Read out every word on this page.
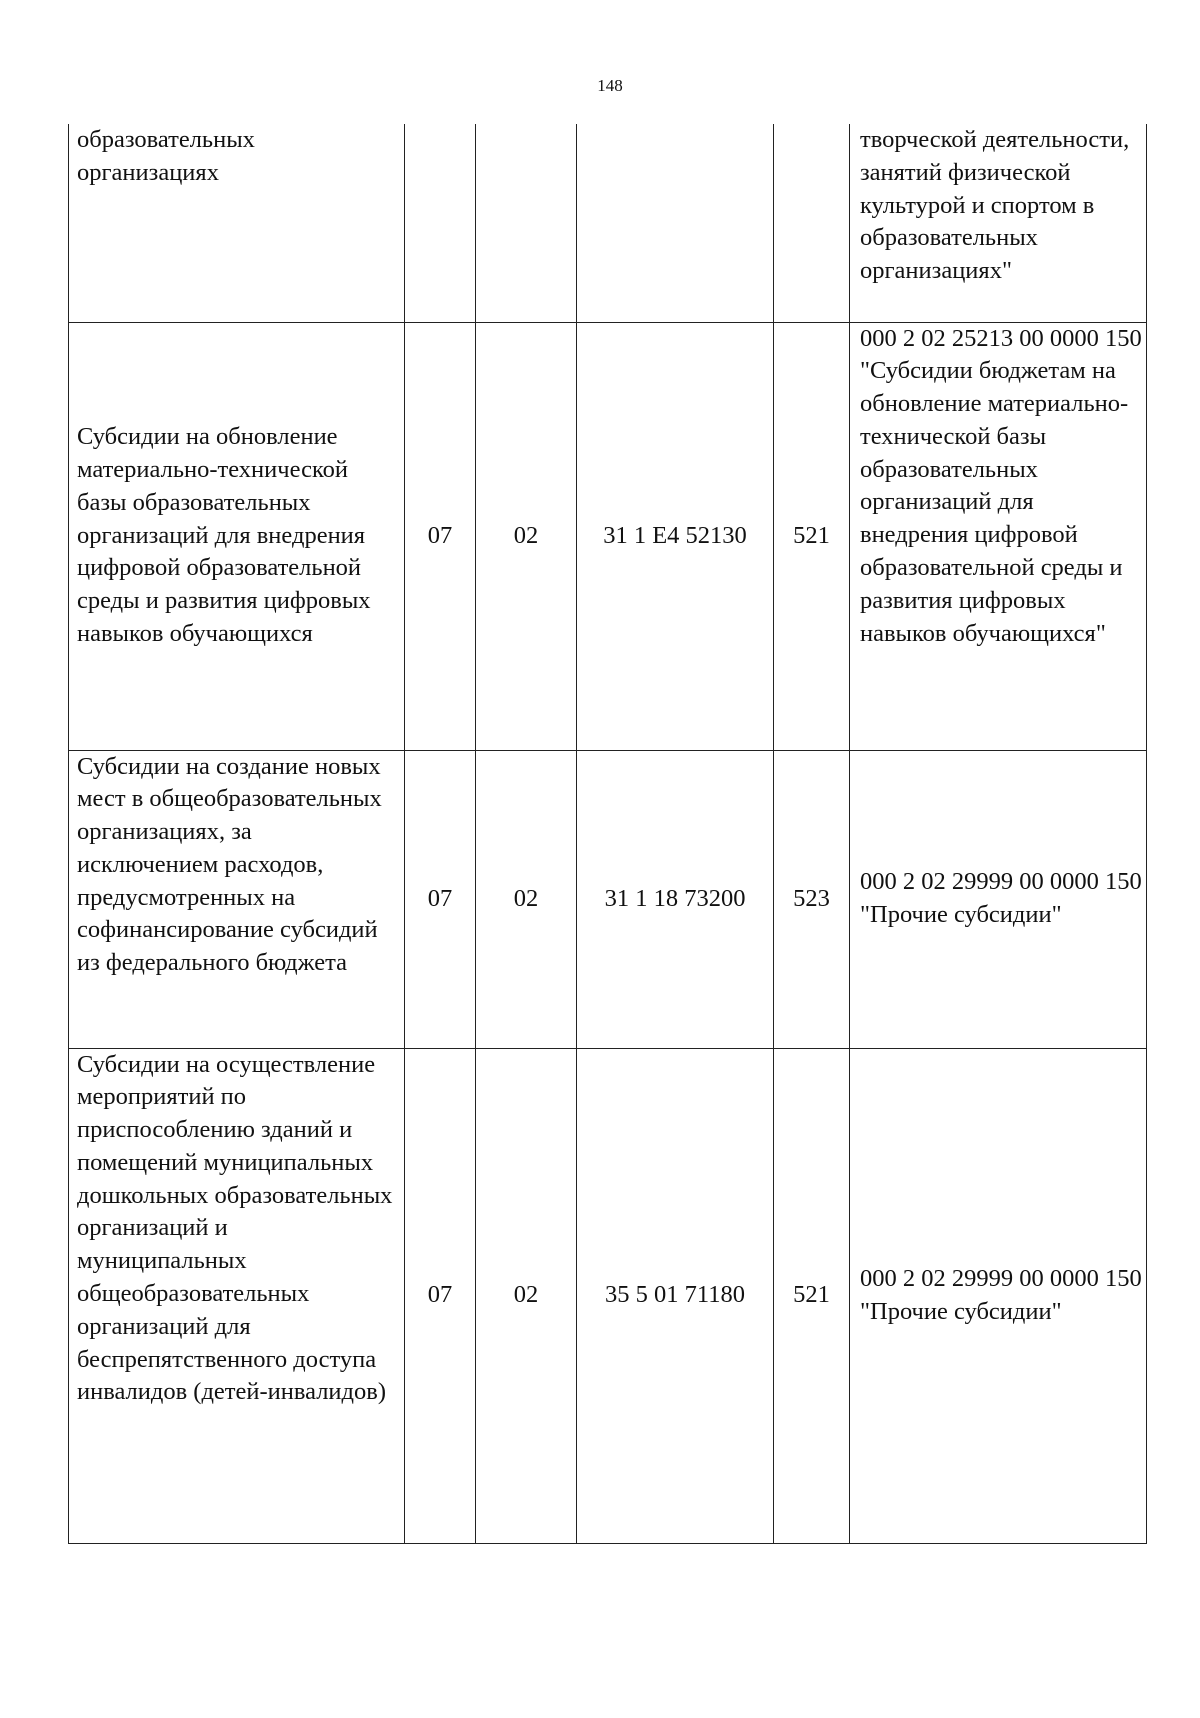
148
образовательных организациях					творческой деятельности, занятий физической культурой и спортом в образовательных организациях"
Субсидии на обновление материально-технической базы образовательных организаций для внедрения цифровой образовательной среды и развития цифровых навыков обучающихся	07	02	31 1 E4 52130	521	000 2 02 25213 00 0000 150 "Субсидии бюджетам на обновление материально-технической базы образовательных организаций для внедрения цифровой образовательной среды и развития цифровых навыков обучающихся"
Субсидии на создание новых мест в общеобразовательных организациях, за исключением расходов, предусмотренных на софинансирование субсидий из федерального бюджета	07	02	31 1 18 73200	523	000 2 02 29999 00 0000 150 "Прочие субсидии"
Субсидии на осуществление мероприятий по приспособлению зданий и помещений муниципальных дошкольных образовательных организаций и муниципальных общеобразовательных организаций для беспрепятственного доступа инвалидов (детей-инвалидов)	07	02	35 5 01 71180	521	000 2 02 29999 00 0000 150 "Прочие субсидии"
